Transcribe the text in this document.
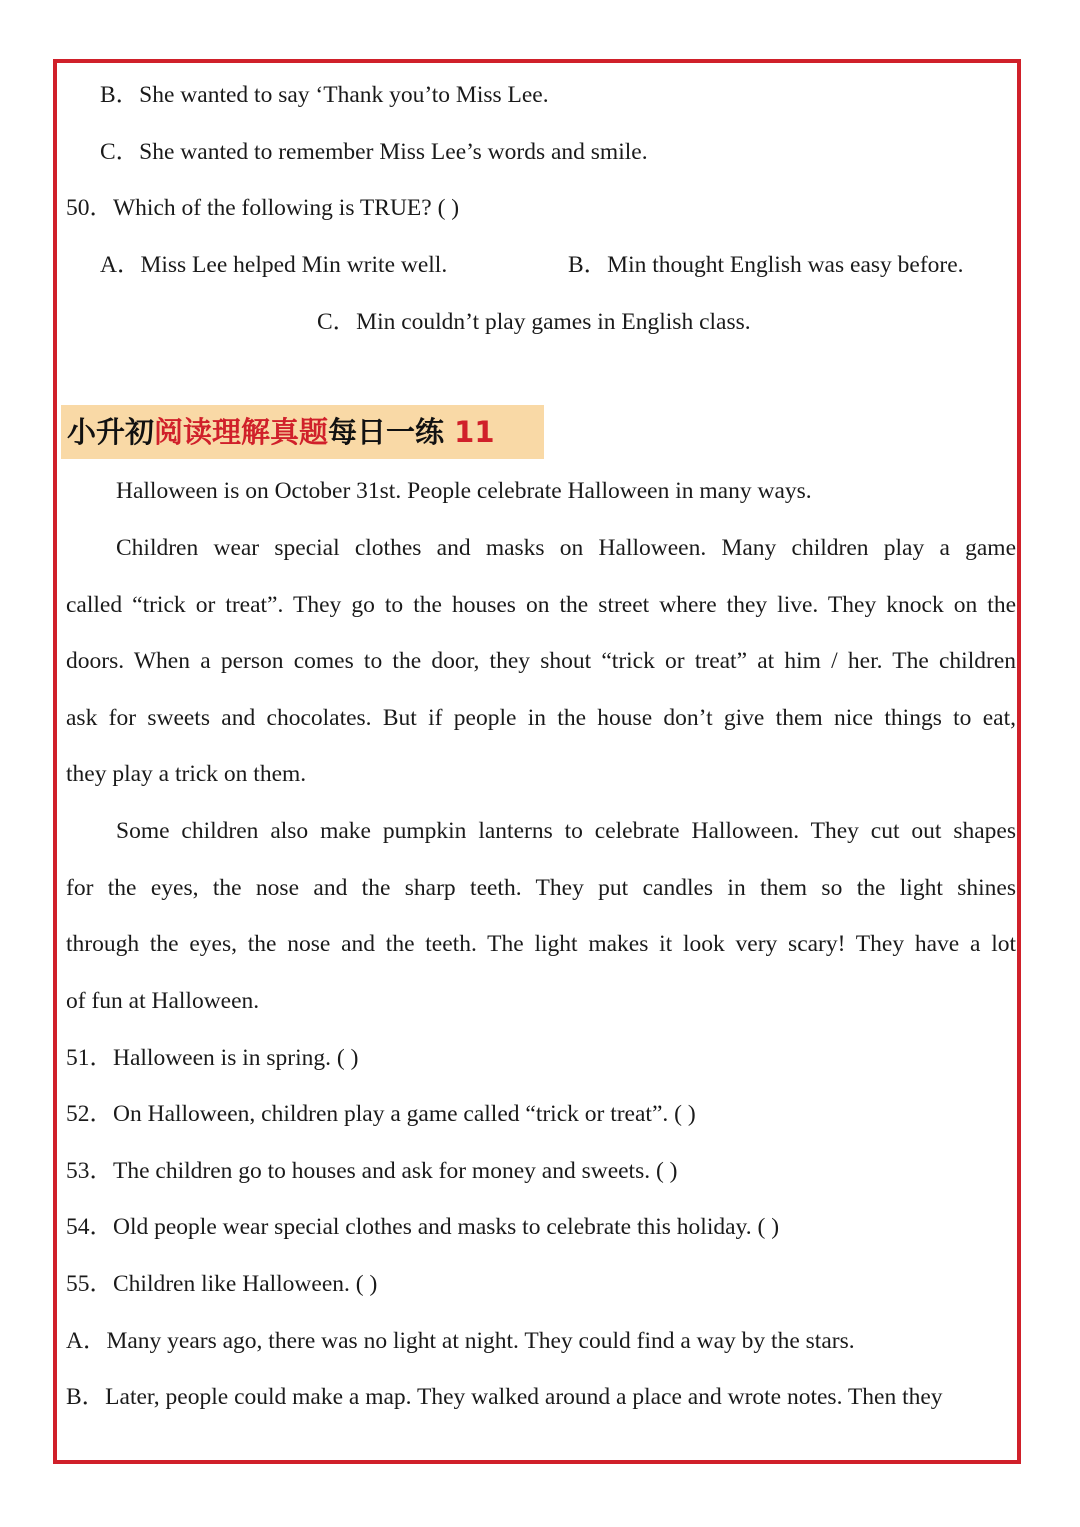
B．She wanted to say ‘Thank you’to Miss Lee.
C．She wanted to remember Miss Lee’s words and smile.
50．Which of the following is TRUE? ( )
A．Miss Lee helped Min write well.	B．Min thought English was easy before.
C．Min couldn’t play games in English class.
小升初阅读理解真题每日一练 11
Halloween is on October 31st. People celebrate Halloween in many ways.
Children wear special clothes and masks on Halloween. Many children play a game
called “trick or treat”. They go to the houses on the street where they live. They knock on the
doors. When a person comes to the door, they shout “trick or treat” at him / her. The children
ask for sweets and chocolates. But if people in the house don’t give them nice things to eat,
they play a trick on them.
Some children also make pumpkin lanterns to celebrate Halloween. They cut out shapes
for the eyes, the nose and the sharp teeth. They put candles in them so the light shines
through the eyes, the nose and the teeth. The light makes it look very scary! They have a lot
of fun at Halloween.
51．Halloween is in spring. ( )
52．On Halloween, children play a game called “trick or treat”. ( )
53．The children go to houses and ask for money and sweets. ( )
54．Old people wear special clothes and masks to celebrate this holiday. ( )
55．Children like Halloween. ( )
A．Many years ago, there was no light at night. They could find a way by the stars.
B．Later, people could make a map. They walked around a place and wrote notes. Then they
